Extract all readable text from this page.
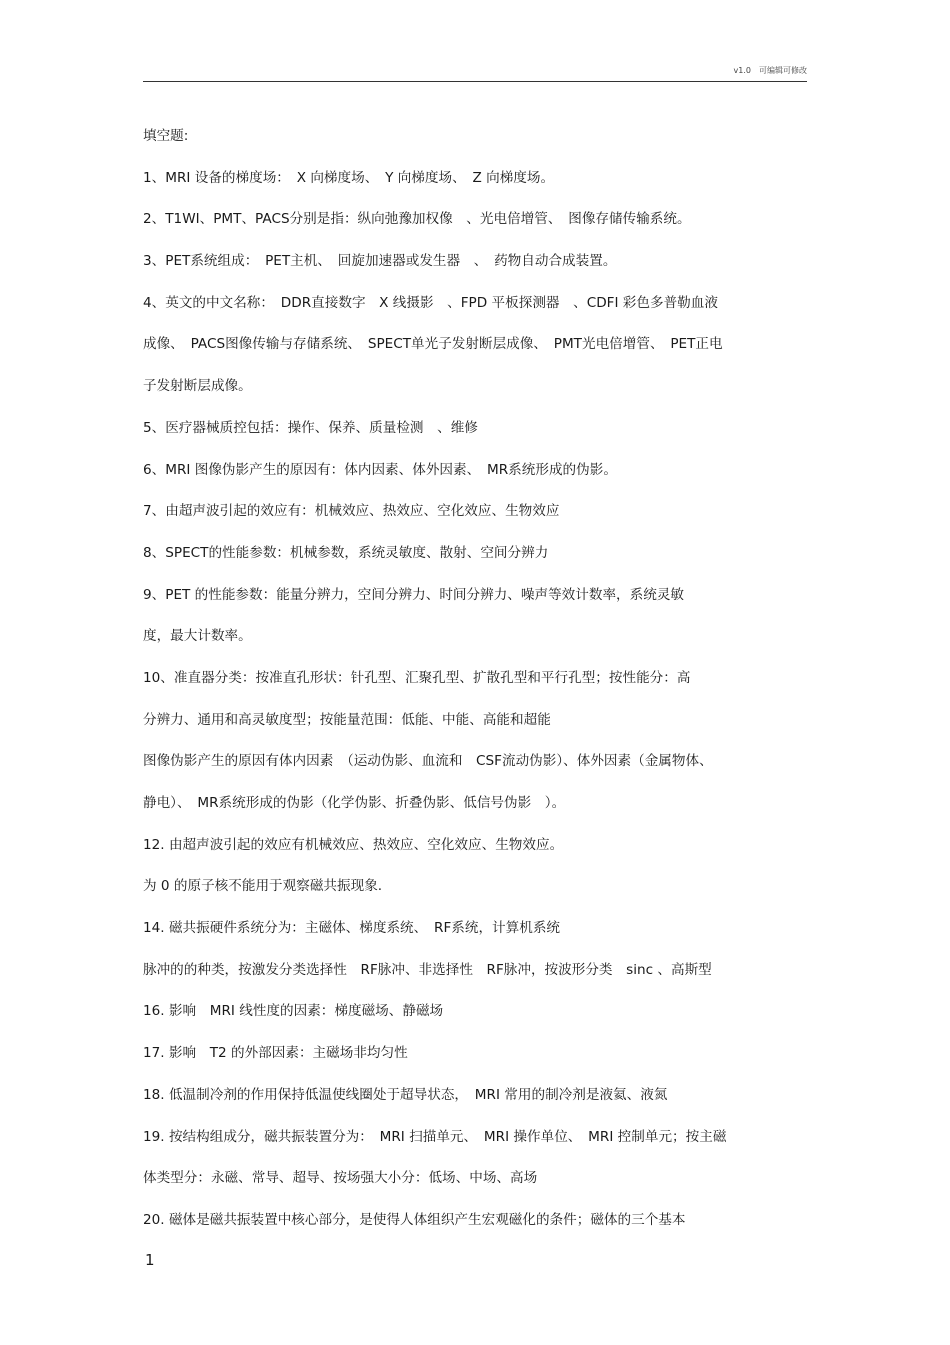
v1.0　可编辑可修改
填空题:
1、MRI 设备的梯度场：　X 向梯度场、　Y 向梯度场、　Z 向梯度场。
2、T1WI、PMT、PACS分别是指：纵向弛豫加权像　、光电倍增管、　图像存储传输系统。
3、PET系统组成：　PET主机、　回旋加速器或发生器　、　药物自动合成装置。
4、英文的中文名称：　DDR直接数字　X 线摄影　、FPD 平板探测器　、CDFI 彩色多普勒血液
成像、　PACS图像传输与存储系统、　SPECT单光子发射断层成像、　PMT光电倍增管、　PET正电
子发射断层成像。
5、医疗器械质控包括：操作、保养、质量检测　、维修
6、MRI 图像伪影产生的原因有：体内因素、体外因素、　MR系统形成的伪影。
7、由超声波引起的效应有：机械效应、热效应、空化效应、生物效应
8、SPECT的性能参数：机械参数，系统灵敏度、散射、空间分辨力
9、PET 的性能参数：能量分辨力，空间分辨力、时间分辨力、噪声等效计数率，系统灵敏
度，最大计数率。
10、准直器分类：按准直孔形状：针孔型、汇聚孔型、扩散孔型和平行孔型；按性能分：高
分辨力、通用和高灵敏度型；按能量范围：低能、中能、高能和超能
图像伪影产生的原因有体内因素　（运动伪影、血流和　CSF流动伪影）、体外因素（金属物体、
静电）、　MR系统形成的伪影（化学伪影、折叠伪影、低信号伪影　）。
12. 由超声波引起的效应有机械效应、热效应、空化效应、生物效应。
为 0 的原子核不能用于观察磁共振现象.
14. 磁共振硬件系统分为：主磁体、梯度系统、　RF系统，计算机系统
脉冲的的种类，按激发分类选择性　RF脉冲、非选择性　RF脉冲，按波形分类　sinc 、高斯型
16. 影响　MRI 线性度的因素：梯度磁场、静磁场
17. 影响　T2 的外部因素：主磁场非均匀性
18. 低温制冷剂的作用保持低温使线圈处于超导状态，　MRI 常用的制冷剂是液氦、液氮
19. 按结构组成分，磁共振装置分为：　MRI 扫描单元、　MRI 操作单位、　MRI 控制单元；按主磁
体类型分：永磁、常导、超导、按场强大小分：低场、中场、高场
20. 磁体是磁共振装置中核心部分，是使得人体组织产生宏观磁化的条件；磁体的三个基本
1
